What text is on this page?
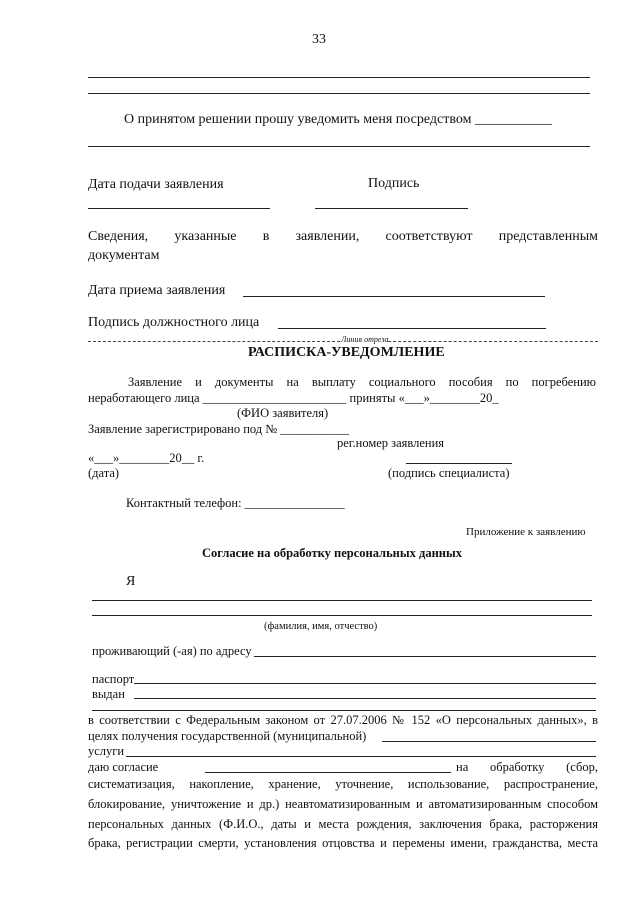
33
О принятом решении прошу уведомить меня посредством ___________
Дата подачи заявления	Подпись
Сведения, указанные в заявлении, соответствуют представленным
документам
Дата приема заявления
Подпись должностного лица
Линия отреза
РАСПИСКА-УВЕДОМЛЕНИЕ
Заявление и документы на выплату социального пособия по погребению
неработающего лица _______________________ приняты «___»________20_
(ФИО заявителя)
Заявление зарегистрировано под № ___________
рег.номер заявления
«___»________20__ г.
(дата)	(подпись специалиста)
Контактный телефон: ________________
Приложение к заявлению
Согласие на обработку персональных данных
Я
(фамилия, имя, отчество)
проживающий (-ая) по адресу
паспорт
выдан
в соответствии с Федеральным законом от 27.07.2006 № 152 «О персональных данных», в
целях получения государственной (муниципальной)
услуги
даю согласие	на обработку (сбор,
систематизация, накопление, хранение, уточнение, использование, распространение,
блокирование, уничтожение и др.) неавтоматизированным и автоматизированным способом
персональных данных (Ф.И.О., даты и места рождения, заключения брака, расторжения
брака, регистрации смерти, установления отцовства и перемены имени, гражданства, места
